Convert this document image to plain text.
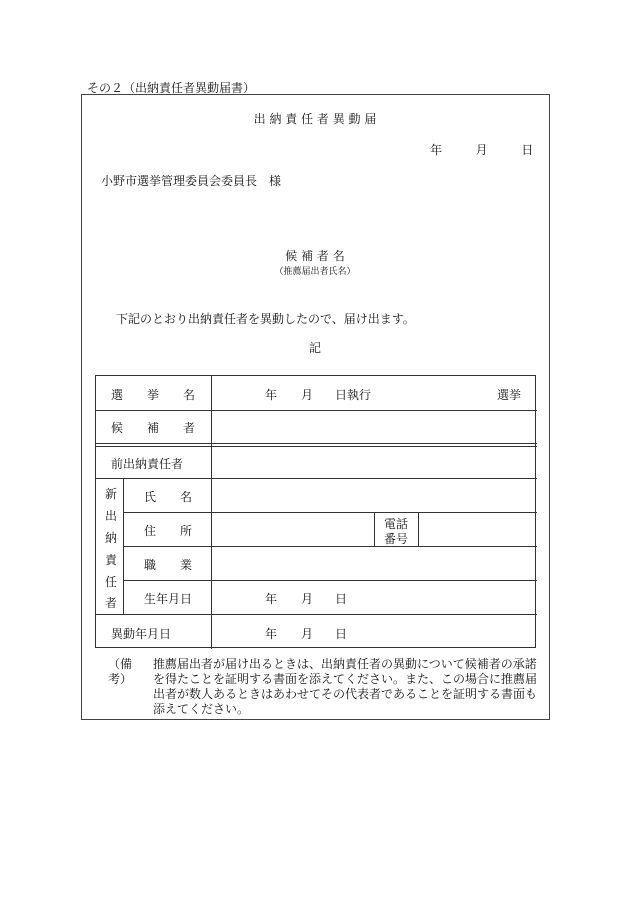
その２（出納責任者異動届書）
出 納 責 任 者 異 動 届
年	月	日
小野市選挙管理委員会委員長　様
候 補 者 名
（推薦届出者氏名）
下記のとおり出納責任者を異動したので、届け出ます。
記
選　　挙　　名	年 月 日執行	選挙
候　　補　　者
前出納責任者
新
出
納
責
任
者
氏　　名
住　　所	電話
番号
職　　業
生年月日	年 月 日
異動年月日	年 月 日
（備考）
推薦届出者が届け出るときは、出納責任者の異動について候補者の承諾を得たことを証明する書面を添えてください。また、この場合に推薦届出者が数人あるときはあわせてその代表者であることを証明する書面も添えてください。
